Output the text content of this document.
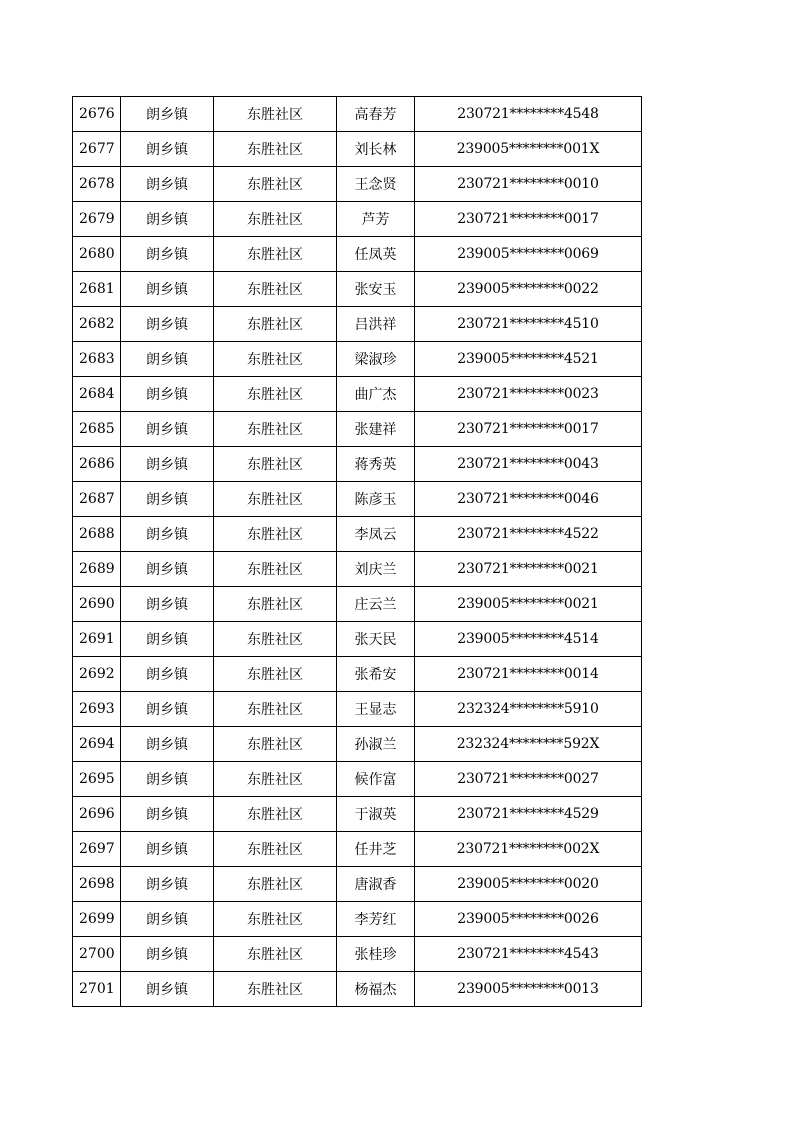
2676	朗乡镇	东胜社区	高春芳	230721********4548
2677	朗乡镇	东胜社区	刘长林	239005********001X
2678	朗乡镇	东胜社区	王念贤	230721********0010
2679	朗乡镇	东胜社区	芦芳	230721********0017
2680	朗乡镇	东胜社区	任凤英	239005********0069
2681	朗乡镇	东胜社区	张安玉	239005********0022
2682	朗乡镇	东胜社区	吕洪祥	230721********4510
2683	朗乡镇	东胜社区	梁淑珍	239005********4521
2684	朗乡镇	东胜社区	曲广杰	230721********0023
2685	朗乡镇	东胜社区	张建祥	230721********0017
2686	朗乡镇	东胜社区	蒋秀英	230721********0043
2687	朗乡镇	东胜社区	陈彦玉	230721********0046
2688	朗乡镇	东胜社区	李凤云	230721********4522
2689	朗乡镇	东胜社区	刘庆兰	230721********0021
2690	朗乡镇	东胜社区	庄云兰	239005********0021
2691	朗乡镇	东胜社区	张天民	239005********4514
2692	朗乡镇	东胜社区	张希安	230721********0014
2693	朗乡镇	东胜社区	王显志	232324********5910
2694	朗乡镇	东胜社区	孙淑兰	232324********592X
2695	朗乡镇	东胜社区	候作富	230721********0027
2696	朗乡镇	东胜社区	于淑英	230721********4529
2697	朗乡镇	东胜社区	任井芝	230721********002X
2698	朗乡镇	东胜社区	唐淑香	239005********0020
2699	朗乡镇	东胜社区	李芳红	239005********0026
2700	朗乡镇	东胜社区	张桂珍	230721********4543
2701	朗乡镇	东胜社区	杨福杰	239005********0013
